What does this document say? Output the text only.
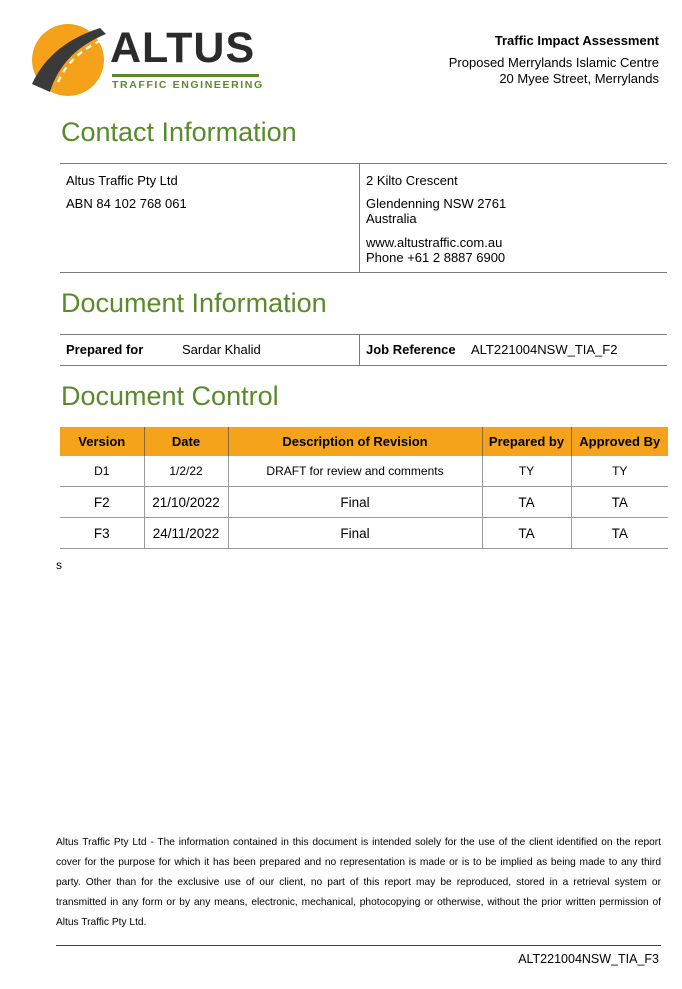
ALTUS
TRAFFIC ENGINEERING
Traffic Impact Assessment
Proposed Merrylands Islamic Centre
20 Myee Street, Merrylands
Contact Information

Altus Traffic Pty Ltd

ABN 84 102 768 061

2 Kilto Crescent

Glendenning NSW 2761

Australia

www.altustraffic.com.au

Phone +61 2 8887 6900

Document Information
Prepared for	Sardar Khalid	Job Reference ALT221004NSW_TIA_F2
Document Control
Version	Date	Description of Revision	Prepared by	Approved By
D1	1/2/22	DRAFT for review and comments	TY	TY
F2	21/10/2022	Final	TA	TA
F3	24/11/2022	Final	TA	TA
s
Altus Traffic Pty Ltd - The information contained in this document is intended solely for the use of the client identified on the report cover for the purpose for which it has been prepared and no representation is made or is to be implied as being made to any third party. Other than for the exclusive use of our client, no part of this report may be reproduced, stored in a retrieval system or transmitted in any form or by any means, electronic, mechanical, photocopying or otherwise, without the prior written permission of Altus Traffic Pty Ltd.
ALT221004NSW_TIA_F3
